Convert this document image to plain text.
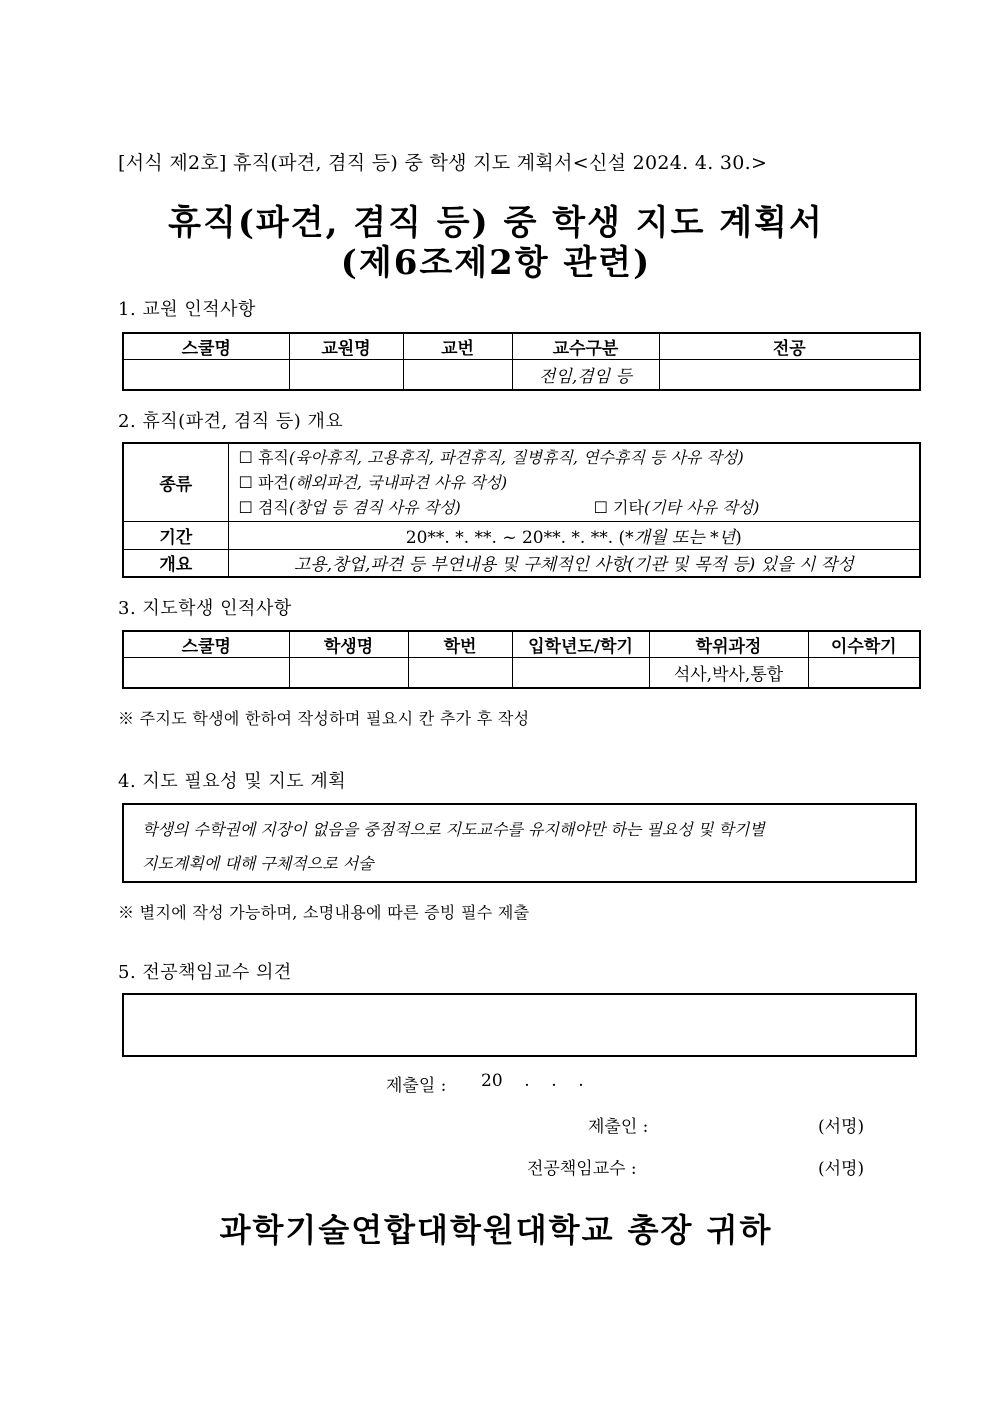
[서식 제2호] 휴직(파견, 겸직 등) 중 학생 지도 계획서<신설 2024. 4. 30.>
휴직(파견, 겸직 등) 중 학생 지도 계획서
(제6조제2항 관련)
1. 교원 인적사항
스쿨명	교원명	교번	교수구분	전공
			전임,겸임 등	
2. 휴직(파견, 겸직 등) 개요
종류	☐ 휴직(육아휴직, 고용휴직, 파견휴직, 질병휴직, 연수휴직 등 사유 작성)
☐ 파견(해외파견, 국내파견 사유 작성)
☐ 겸직(창업 등 겸직 사유 작성) ☐ 기타(기타 사유 작성)

기간	20**. *. **. ~ 20**. *. **. (*개월 또는 *년)
개요	고용,창업,파견 등 부연내용 및 구체적인 사항(기관 및 목적 등) 있을 시 작성
3. 지도학생 인적사항
스쿨명	학생명	학번	입학년도/학기	학위과정	이수학기
				석사,박사,통합	
※ 주지도 학생에 한하여 작성하며 필요시 칸 추가 후 작성
4. 지도 필요성 및 지도 계획
학생의 수학권에 지장이 없음을 중점적으로 지도교수를 유지해야만 하는 필요성 및 학기별
지도계획에 대해 구체적으로 서술
※ 별지에 작성 가능하며, 소명내용에 따른 증빙 필수 제출
5. 전공책임교수 의견
제출일 : 20    .    .    .
제출인 :	(서명)
전공책임교수 :	(서명)
과학기술연합대학원대학교 총장 귀하
